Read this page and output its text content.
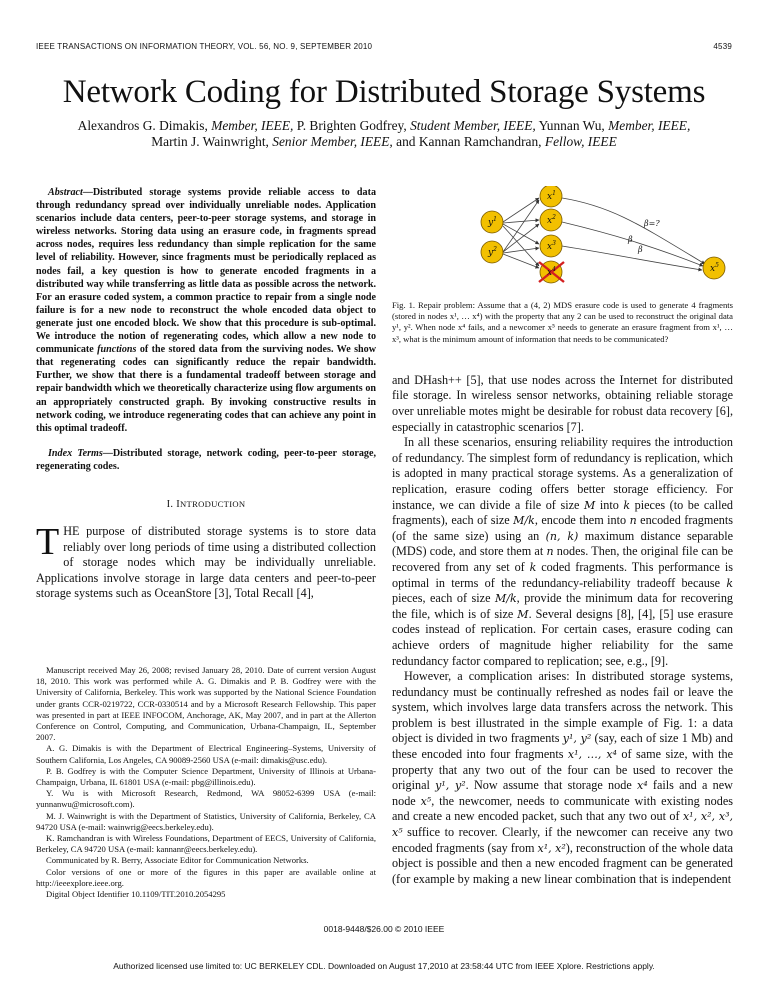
IEEE TRANSACTIONS ON INFORMATION THEORY, VOL. 56, NO. 9, SEPTEMBER 2010	4539
Network Coding for Distributed Storage Systems
Alexandros G. Dimakis, Member, IEEE, P. Brighten Godfrey, Student Member, IEEE, Yunnan Wu, Member, IEEE,
Martin J. Wainwright, Senior Member, IEEE, and Kannan Ramchandran, Fellow, IEEE

Abstract—Distributed storage systems provide reliable access to data through redundancy spread over individually unreliable nodes. Application scenarios include data centers, peer-to-peer storage systems, and storage in wireless networks. Storing data using an erasure code, in fragments spread across nodes, requires less redundancy than simple replication for the same level of reliability. However, since fragments must be periodically replaced as nodes fail, a key question is how to generate encoded fragments in a distributed way while transferring as little data as possible across the network. For an erasure coded system, a common practice to repair from a single node failure is for a new node to reconstruct the whole encoded data object to generate just one encoded block. We show that this procedure is sub-optimal. We introduce the notion of regenerating codes, which allow a new node to communicate functions of the stored data from the surviving nodes. We show that regenerating codes can significantly reduce the repair bandwidth. Further, we show that there is a fundamental tradeoff between storage and repair bandwidth which we theoretically characterize using flow arguments on an appropriately constructed graph. By invoking constructive results in network coding, we introduce regenerating codes that can achieve any point in this optimal tradeoff.

Index Terms—Distributed storage, network coding, peer-to-peer storage, regenerating codes.

I. INTRODUCTION

THE purpose of distributed storage systems is to store data reliably over long periods of time using a distributed collection of storage nodes which may be individually unreliable. Applications involve storage in large data centers and peer-to-peer storage systems such as OceanStore [3], Total Recall [4],

Manuscript received May 26, 2008; revised January 28, 2010. Date of current version August 18, 2010. This work was performed while A. G. Dimakis and P. B. Godfrey were with the University of California, Berkeley. This work was supported by the National Science Foundation under grants CCR-0219722, CCR-0330514 and by a Microsoft Research Fellowship. This paper was presented in part at IEEE INFOCOM, Anchorage, AK, May 2007, and in part at the Allerton Conference on Control, Computing, and Communication, Urbana-Champaign, IL, September 2007.

A. G. Dimakis is with the Department of Electrical Engineering–Systems, University of Southern California, Los Angeles, CA 90089-2560 USA (e-mail: dimakis@usc.edu).

P. B. Godfrey is with the Computer Science Department, University of Illinois at Urbana-Champaign, Urbana, IL 61801 USA (e-mail: pbg@illinois.edu).

Y. Wu is with Microsoft Research, Redmond, WA 98052-6399 USA (e-mail: yunnanwu@microsoft.com).

M. J. Wainwright is with the Department of Statistics, University of California, Berkeley, CA 94720 USA (e-mail: wainwrig@eecs.berkeley.edu).

K. Ramchandran is with Wireless Foundations, Department of EECS, University of California, Berkeley, CA 94720 USA (e-mail: kannanr@eecs.berkeley.edu).

Communicated by R. Berry, Associate Editor for Communication Networks.

Color versions of one or more of the figures in this paper are available online at http://ieeexplore.ieee.org.

Digital Object Identifier 10.1109/TIT.2010.2054295

$y^1$
$y^2$
$x^1$
$x^2$
$x^3$
$x^4$	$x^5$
β=?
β
β

Fig. 1. Repair problem: Assume that a (4, 2) MDS erasure code is used to generate 4 fragments (stored in nodes x¹, … x⁴) with the property that any 2 can be used to reconstruct the original data y¹, y². When node x⁴ fails, and a newcomer x⁵ needs to generate an erasure fragment from x¹, … x³, what is the minimum amount of information that needs to be communicated?

and DHash++ [5], that use nodes across the Internet for distributed file storage. In wireless sensor networks, obtaining reliable storage over unreliable motes might be desirable for robust data recovery [6], especially in catastrophic scenarios [7].

In all these scenarios, ensuring reliability requires the introduction of redundancy. The simplest form of redundancy is replication, which is adopted in many practical storage systems. As a generalization of replication, erasure coding offers better storage efficiency. For instance, we can divide a file of size M into k pieces (to be called fragments), each of size M/k, encode them into n encoded fragments (of the same size) using an (n, k) maximum distance separable (MDS) code, and store them at n nodes. Then, the original file can be recovered from any set of k coded fragments. This performance is optimal in terms of the redundancy-reliability tradeoff because k pieces, each of size M/k, provide the minimum data for recovering the file, which is of size M. Several designs [8], [4], [5] use erasure codes instead of replication. For certain cases, erasure coding can achieve orders of magnitude higher reliability for the same redundancy factor compared to replication; see, e.g., [9].

However, a complication arises: In distributed storage systems, redundancy must be continually refreshed as nodes fail or leave the system, which involves large data transfers across the network. This problem is best illustrated in the simple example of Fig. 1: a data object is divided in two fragments y¹, y² (say, each of size 1 Mb) and these encoded into four fragments x¹, …, x⁴ of same size, with the property that any two out of the four can be used to recover the original y¹, y². Now assume that storage node x⁴ fails and a new node x⁵, the newcomer, needs to communicate with existing nodes and create a new encoded packet, such that any two out of x¹, x², x³, x⁵ suffice to recover. Clearly, if the newcomer can receive any two encoded fragments (say from x¹, x²), reconstruction of the whole data object is possible and then a new encoded fragment can be generated (for example by making a new linear combination that is independent

0018-9448/$26.00 © 2010 IEEE
Authorized licensed use limited to: UC BERKELEY CDL. Downloaded on August 17,2010 at 23:58:44 UTC from IEEE Xplore. Restrictions apply.
